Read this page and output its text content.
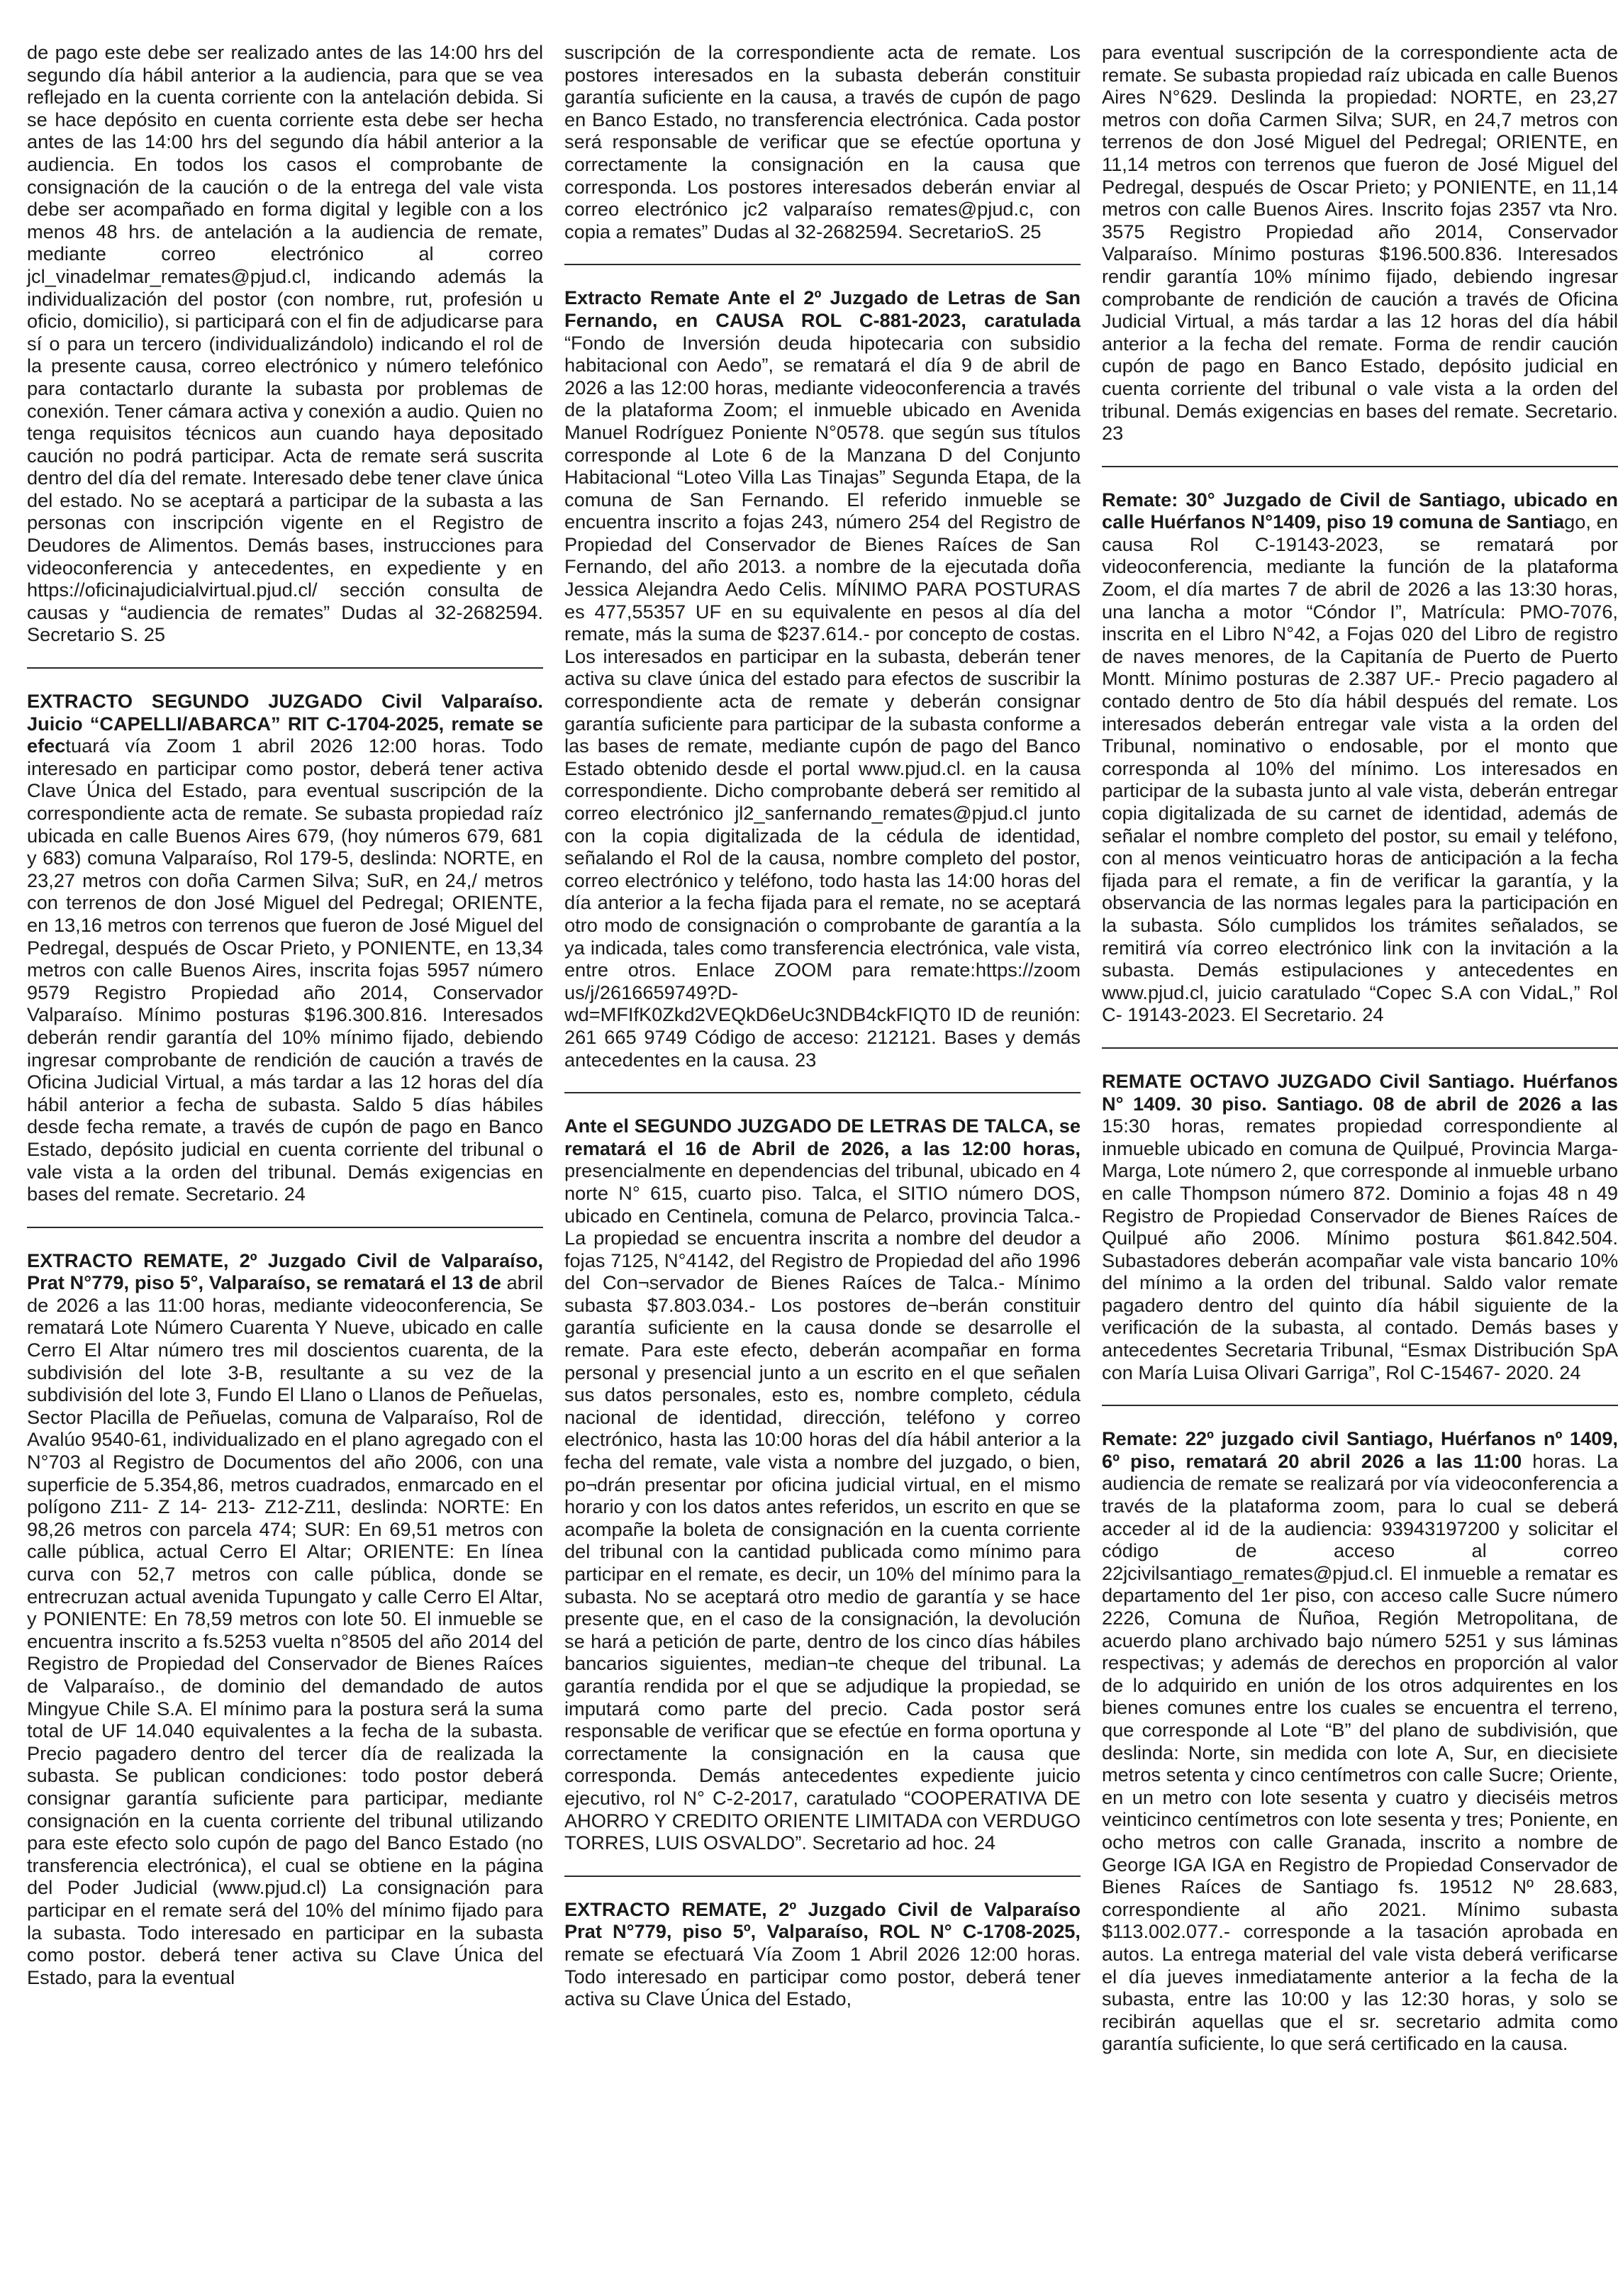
de pago este debe ser realizado antes de las 14:00 hrs del segundo día hábil anterior a la audiencia, para que se vea reflejado en la cuenta corriente con la antelación debida. Si se hace depósito en cuenta corriente esta debe ser hecha antes de las 14:00 hrs del segundo día hábil anterior a la audiencia. En todos los casos el comprobante de consignación de la caución o de la entrega del vale vista debe ser acompañado en forma digital y legible con a los menos 48 hrs. de antelación a la audiencia de remate, mediante correo electrónico al correo jcl_vinadelmar_remates@pjud.cl, indicando además la individualización del postor (con nombre, rut, profesión u oficio, domicilio), si participará con el fin de adjudicarse para sí o para un tercero (individualizándolo) indicando el rol de la presente causa, correo electrónico y número telefónico para contactarlo durante la subasta por problemas de conexión. Tener cámara activa y conexión a audio. Quien no tenga requisitos técnicos aun cuando haya depositado caución no podrá participar. Acta de remate será suscrita dentro del día del remate. Interesado debe tener clave única del estado. No se aceptará a participar de la subasta a las personas con inscripción vigente en el Registro de Deudores de Alimentos. Demás bases, instrucciones para videoconferencia y antecedentes, en expediente y en https://oficinajudicialvirtual.pjud.cl/ sección consulta de causas y “audiencia de remates” Dudas al 32-2682594. Secretario S. 25

EXTRACTO SEGUNDO JUZGADO Civil Valparaíso. Juicio “CAPELLI/ABARCA” RIT C-1704-2025, remate se efectuará vía Zoom 1 abril 2026 12:00 horas. Todo interesado en participar como postor, deberá tener activa Clave Única del Estado, para eventual suscripción de la correspondiente acta de remate. Se subasta propiedad raíz ubicada en calle Buenos Aires 679, (hoy números 679, 681 y 683) comuna Valparaíso, Rol 179-5, deslinda: NORTE, en 23,27 metros con doña Carmen Silva; SuR, en 24,/ metros con terrenos de don José Miguel del Pedregal; ORIENTE, en 13,16 metros con terrenos que fueron de José Miguel del Pedregal, después de Oscar Prieto, y PONIENTE, en 13,34 metros con calle Buenos Aires, inscrita fojas 5957 número 9579 Registro Propiedad año 2014, Conservador Valparaíso. Mínimo posturas $196.300.816. Interesados deberán rendir garantía del 10% mínimo fijado, debiendo ingresar comprobante de rendición de caución a través de Oficina Judicial Virtual, a más tardar a las 12 horas del día hábil anterior a fecha de subasta. Saldo 5 días hábiles desde fecha remate, a través de cupón de pago en Banco Estado, depósito judicial en cuenta corriente del tribunal o vale vista a la orden del tribunal. Demás exigencias en bases del remate. Secretario. 24

EXTRACTO REMATE, 2º Juzgado Civil de Valparaíso, Prat N°779, piso 5°, Valparaíso, se rematará el 13 de abril de 2026 a las 11:00 horas, mediante videoconferencia, Se rematará Lote Número Cuarenta Y Nueve, ubicado en calle Cerro El Altar número tres mil doscientos cuarenta, de la subdivisión del lote 3-B, resultante a su vez de la subdivisión del lote 3, Fundo El Llano o Llanos de Peñuelas, Sector Placilla de Peñuelas, comuna de Valparaíso, Rol de Avalúo 9540-61, individualizado en el plano agregado con el N°703 al Registro de Documentos del año 2006, con una superficie de 5.354,86, metros cuadrados, enmarcado en el polígono Z11- Z 14- 213- Z12-Z11, deslinda: NORTE: En 98,26 metros con parcela 474; SUR: En 69,51 metros con calle pública, actual Cerro El Altar; ORIENTE: En línea curva con 52,7 metros con calle pública, donde se entrecruzan actual avenida Tupungato y calle Cerro El Altar, y PONIENTE: En 78,59 metros con lote 50. El inmueble se encuentra inscrito a fs.5253 vuelta n°8505 del año 2014 del Registro de Propiedad del Conservador de Bienes Raíces de Valparaíso., de dominio del demandado de autos Mingyue Chile S.A. El mínimo para la postura será la suma total de UF 14.040 equivalentes a la fecha de la subasta. Precio pagadero dentro del tercer día de realizada la subasta. Se publican condiciones: todo postor deberá consignar garantía suficiente para participar, mediante consignación en la cuenta corriente del tribunal utilizando para este efecto solo cupón de pago del Banco Estado (no transferencia electrónica), el cual se obtiene en la página del Poder Judicial (www.pjud.cl) La consignación para participar en el remate será del 10% del mínimo fijado para la subasta. Todo interesado en participar en la subasta como postor. deberá tener activa su Clave Única del Estado, para la eventual

suscripción de la correspondiente acta de remate. Los postores interesados en la subasta deberán constituir garantía suficiente en la causa, a través de cupón de pago en Banco Estado, no transferencia electrónica. Cada postor será responsable de verificar que se efectúe oportuna y correctamente la consignación en la causa que corresponda. Los postores interesados deberán enviar al correo electrónico jc2 valparaíso remates@pjud.c, con copia a remates” Dudas al 32-2682594. SecretarioS. 25

Extracto Remate Ante el 2º Juzgado de Letras de San Fernando, en CAUSA ROL C-881-2023, caratulada “Fondo de Inversión deuda hipotecaria con subsidio habitacional con Aedo”, se rematará el día 9 de abril de 2026 a las 12:00 horas, mediante videoconferencia a través de la plataforma Zoom; el inmueble ubicado en Avenida Manuel Rodríguez Poniente N°0578. que según sus títulos corresponde al Lote 6 de la Manzana D del Conjunto Habitacional “Loteo Villa Las Tinajas” Segunda Etapa, de la comuna de San Fernando. El referido inmueble se encuentra inscrito a fojas 243, número 254 del Registro de Propiedad del Conservador de Bienes Raíces de San Fernando, del año 2013. a nombre de la ejecutada doña Jessica Alejandra Aedo Celis. MÍNIMO PARA POSTURAS es 477,55357 UF en su equivalente en pesos al día del remate, más la suma de $237.614.- por concepto de costas. Los interesados en participar en la subasta, deberán tener activa su clave única del estado para efectos de suscribir la correspondiente acta de remate y deberán consignar garantía suficiente para participar de la subasta conforme a las bases de remate, mediante cupón de pago del Banco Estado obtenido desde el portal www.pjud.cl. en la causa correspondiente. Dicho comprobante deberá ser remitido al correo electrónico jl2_sanfernando_remates@pjud.cl junto con la copia digitalizada de la cédula de identidad, señalando el Rol de la causa, nombre completo del postor, correo electrónico y teléfono, todo hasta las 14:00 horas del día anterior a la fecha fijada para el remate, no se aceptará otro modo de consignación o comprobante de garantía a la ya indicada, tales como transferencia electrónica, vale vista, entre otros. Enlace ZOOM para remate:https://zoom us/j/2616659749?D-wd=MFIfK0Zkd2VEQkD6eUc3NDB4ckFIQT0 ID de reunión: 261 665 9749 Código de acceso: 212121. Bases y demás antecedentes en la causa. 23

Ante el SEGUNDO JUZGADO DE LETRAS DE TALCA, se rematará el 16 de Abril de 2026, a las 12:00 horas, presencialmente en dependencias del tribunal, ubicado en 4 norte N° 615, cuarto piso. Talca, el SITIO número DOS, ubicado en Centinela, comuna de Pelarco, provincia Talca.- La propiedad se encuentra inscrita a nombre del deudor a fojas 7125, N°4142, del Registro de Propiedad del año 1996 del Con¬servador de Bienes Raíces de Talca.- Mínimo subasta $7.803.034.- Los postores de¬berán constituir garantía suficiente en la causa donde se desarrolle el remate. Para este efecto, deberán acompañar en forma personal y presencial junto a un escrito en el que señalen sus datos personales, esto es, nombre completo, cédula nacional de identidad, dirección, teléfono y correo electrónico, hasta las 10:00 horas del día hábil anterior a la fecha del remate, vale vista a nombre del juzgado, o bien, po¬drán presentar por oficina judicial virtual, en el mismo horario y con los datos antes referidos, un escrito en que se acompañe la boleta de consignación en la cuenta corriente del tribunal con la cantidad publicada como mínimo para participar en el remate, es decir, un 10% del mínimo para la subasta. No se aceptará otro medio de garantía y se hace presente que, en el caso de la consignación, la devolución se hará a petición de parte, dentro de los cinco días hábiles bancarios siguientes, median¬te cheque del tribunal. La garantía rendida por el que se adjudique la propiedad, se imputará como parte del precio. Cada postor será responsable de verificar que se efectúe en forma oportuna y correctamente la consignación en la causa que corresponda. Demás antecedentes expediente juicio ejecutivo, rol N° C-2-2017, caratulado “COOPERATIVA DE AHORRO Y CREDITO ORIENTE LIMITADA con VERDUGO TORRES, LUIS OSVALDO”. Secretario ad hoc. 24

EXTRACTO REMATE, 2º Juzgado Civil de Valparaíso Prat N°779, piso 5º, Valparaíso, ROL N° C-1708-2025, remate se efectuará Vía Zoom 1 Abril 2026 12:00 horas. Todo interesado en participar como postor, deberá tener activa su Clave Única del Estado,

para eventual suscripción de la correspondiente acta de remate. Se subasta propiedad raíz ubicada en calle Buenos Aires N°629. Deslinda la propiedad: NORTE, en 23,27 metros con doña Carmen Silva; SUR, en 24,7 metros con terrenos de don José Miguel del Pedregal; ORIENTE, en 11,14 metros con terrenos que fueron de José Miguel del Pedregal, después de Oscar Prieto; y PONIENTE, en 11,14 metros con calle Buenos Aires. Inscrito fojas 2357 vta Nro. 3575 Registro Propiedad año 2014, Conservador Valparaíso. Mínimo posturas $196.500.836. Interesados rendir garantía 10% mínimo fijado, debiendo ingresar comprobante de rendición de caución a través de Oficina Judicial Virtual, a más tardar a las 12 horas del día hábil anterior a la fecha del remate. Forma de rendir caución cupón de pago en Banco Estado, depósito judicial en cuenta corriente del tribunal o vale vista a la orden del tribunal. Demás exigencias en bases del remate. Secretario. 23

Remate: 30° Juzgado de Civil de Santiago, ubicado en calle Huérfanos N°1409, piso 19 comuna de Santiago, en causa Rol C-19143-2023, se rematará por videoconferencia, mediante la función de la plataforma Zoom, el día martes 7 de abril de 2026 a las 13:30 horas, una lancha a motor “Cóndor I”, Matrícula: PMO-7076, inscrita en el Libro N°42, a Fojas 020 del Libro de registro de naves menores, de la Capitanía de Puerto de Puerto Montt. Mínimo posturas de 2.387 UF.- Precio pagadero al contado dentro de 5to día hábil después del remate. Los interesados deberán entregar vale vista a la orden del Tribunal, nominativo o endosable, por el monto que corresponda al 10% del mínimo. Los interesados en participar de la subasta junto al vale vista, deberán entregar copia digitalizada de su carnet de identidad, además de señalar el nombre completo del postor, su email y teléfono, con al menos veinticuatro horas de anticipación a la fecha fijada para el remate, a fin de verificar la garantía, y la observancia de las normas legales para la participación en la subasta. Sólo cumplidos los trámites señalados, se remitirá vía correo electrónico link con la invitación a la subasta. Demás estipulaciones y antecedentes en www.pjud.cl, juicio caratulado “Copec S.A con VidaL,” Rol C- 19143-2023. El Secretario. 24

REMATE OCTAVO JUZGADO Civil Santiago. Huérfanos N° 1409. 30 piso. Santiago. 08 de abril de 2026 a las 15:30 horas, remates propiedad correspondiente al inmueble ubicado en comuna de Quilpué, Provincia Marga- Marga, Lote número 2, que corresponde al inmueble urbano en calle Thompson número 872. Dominio a fojas 48 n 49 Registro de Propiedad Conservador de Bienes Raíces de Quilpué año 2006. Mínimo postura $61.842.504. Subastadores deberán acompañar vale vista bancario 10% del mínimo a la orden del tribunal. Saldo valor remate pagadero dentro del quinto día hábil siguiente de la verificación de la subasta, al contado. Demás bases y antecedentes Secretaria Tribunal, “Esmax Distribución SpA con María Luisa Olivari Garriga”, Rol C-15467- 2020. 24

Remate: 22º juzgado civil Santiago, Huérfanos nº 1409, 6º piso, rematará 20 abril 2026 a las 11:00 horas. La audiencia de remate se realizará por vía videoconferencia a través de la plataforma zoom, para lo cual se deberá acceder al id de la audiencia: 93943197200 y solicitar el código de acceso al correo 22jcivilsantiago_remates@pjud.cl. El inmueble a rematar es departamento del 1er piso, con acceso calle Sucre número 2226, Comuna de Ñuñoa, Región Metropolitana, de acuerdo plano archivado bajo número 5251 y sus láminas respectivas; y además de derechos en proporción al valor de lo adquirido en unión de los otros adquirentes en los bienes comunes entre los cuales se encuentra el terreno, que corresponde al Lote “B” del plano de subdivisión, que deslinda: Norte, sin medida con lote A, Sur, en diecisiete metros setenta y cinco centímetros con calle Sucre; Oriente, en un metro con lote sesenta y cuatro y dieciséis metros veinticinco centímetros con lote sesenta y tres; Poniente, en ocho metros con calle Granada, inscrito a nombre de George IGA IGA en Registro de Propiedad Conservador de Bienes Raíces de Santiago fs. 19512 Nº 28.683, correspondiente al año 2021. Mínimo subasta $113.002.077.- corresponde a la tasación aprobada en autos. La entrega material del vale vista deberá verificarse el día jueves inmediatamente anterior a la fecha de la subasta, entre las 10:00 y las 12:30 horas, y solo se recibirán aquellas que el sr. secretario admita como garantía suficiente, lo que será certificado en la causa.
